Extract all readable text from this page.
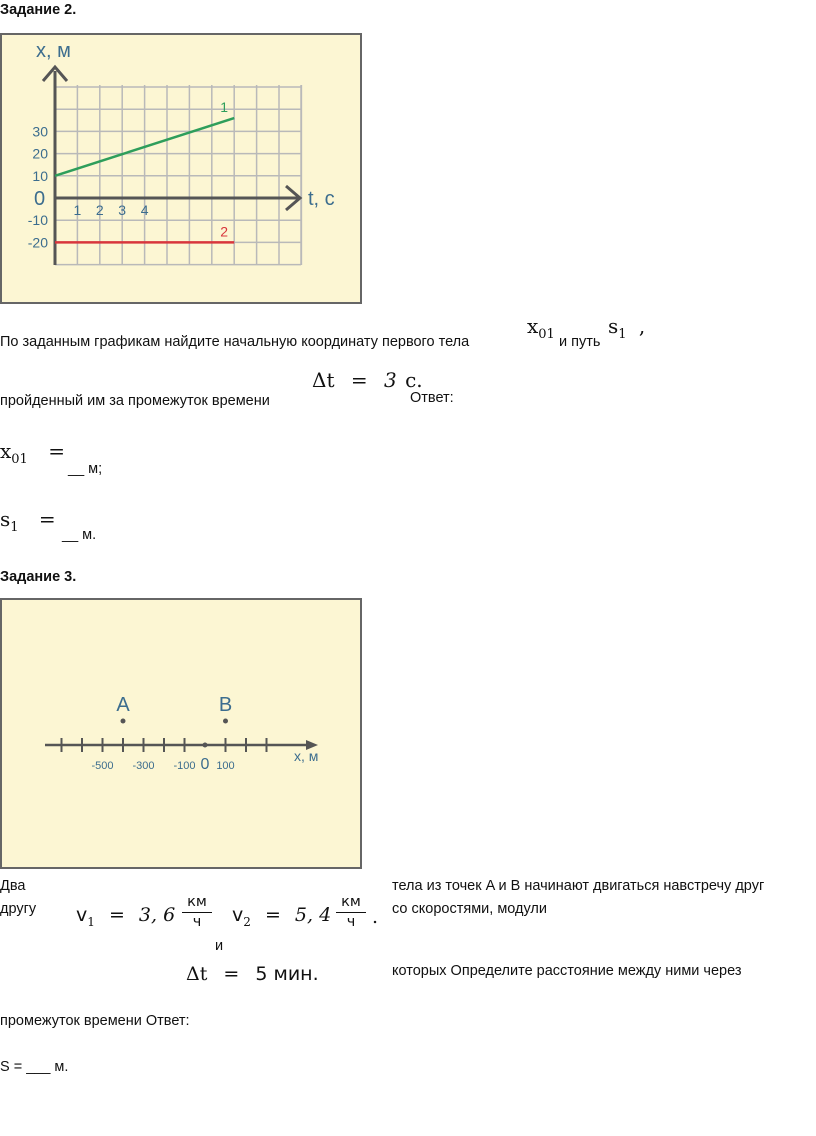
Задание 2.
x, м
t, с
0
30
20
10
-10
-20
1 2 3 4
1
2
По заданным графикам найдите начальную координату первого тела
$x_{01}$ и путь
$s_1$ ,
пройденный им за промежуток времени
Δt = 3 с.
Ответ:
$x_{01}$ =
__ м;
$s_1$ =
__ м.
Задание 3.
-500 -300 -100 100
0	x, м
A	B
Два
другу
тела из точек A и B начинают двигаться навстречу друг
со скоростями, модули
$v_1 = 3$, 6
км
ч
и
$v_2 = 5$, 4
км
ч .
Δt = 5 мин.	которых Определите расстояние между ними через
промежуток времени Ответ:
S = ___ м.
